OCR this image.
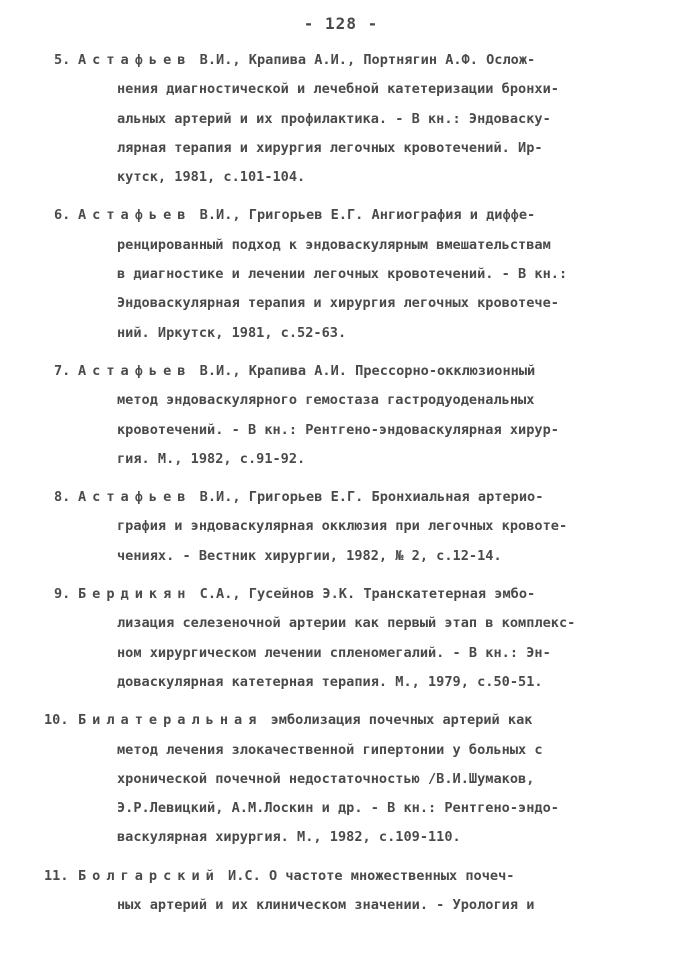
- 128 -
5. Астафьев В.И., Крапива А.И., Портнягин А.Ф. Ослож-
нения диагностической и лечебной катетеризации бронхи-
альных артерий и их профилактика. - В кн.: Эндоваску-
лярная терапия и хирургия легочных кровотечений. Ир-
кутск, 1981, с.101-104.
6. Астафьев В.И., Григорьев Е.Г. Ангиография и диффе-
ренцированный подход к эндоваскулярным вмешательствам
в диагностике и лечении легочных кровотечений. - В кн.:
Эндоваскулярная терапия и хирургия легочных кровотече-
ний. Иркутск, 1981, с.52-63.
7. Астафьев В.И., Крапива А.И. Прессорно-окклюзионный
метод эндоваскулярного гемостаза гастродуоденальных
кровотечений. - В кн.: Рентгено-эндоваскулярная хирур-
гия. М., 1982, с.91-92.
8. Астафьев В.И., Григорьев Е.Г. Бронхиальная артерио-
графия и эндоваскулярная окклюзия при легочных кровоте-
чениях. - Вестник хирургии, 1982, № 2, с.12-14.
9. Бердикян С.А., Гусейнов Э.К. Транскатетерная эмбо-
лизация селезеночной артерии как первый этап в комплекс-
ном хирургическом лечении спленомегалий. - В кн.: Эн-
доваскулярная катетерная терапия. М., 1979, с.50-51.
10. Билатеральная эмболизация почечных артерий как
метод лечения злокачественной гипертонии у больных с
хронической почечной недостаточностью /В.И.Шумаков,
Э.Р.Левицкий, А.М.Лоскин и др. - В кн.: Рентгено-эндо-
васкулярная хирургия. М., 1982, с.109-110.
11. Болгарский И.С. О частоте множественных почеч-
ных артерий и их клиническом значении. - Урология и
